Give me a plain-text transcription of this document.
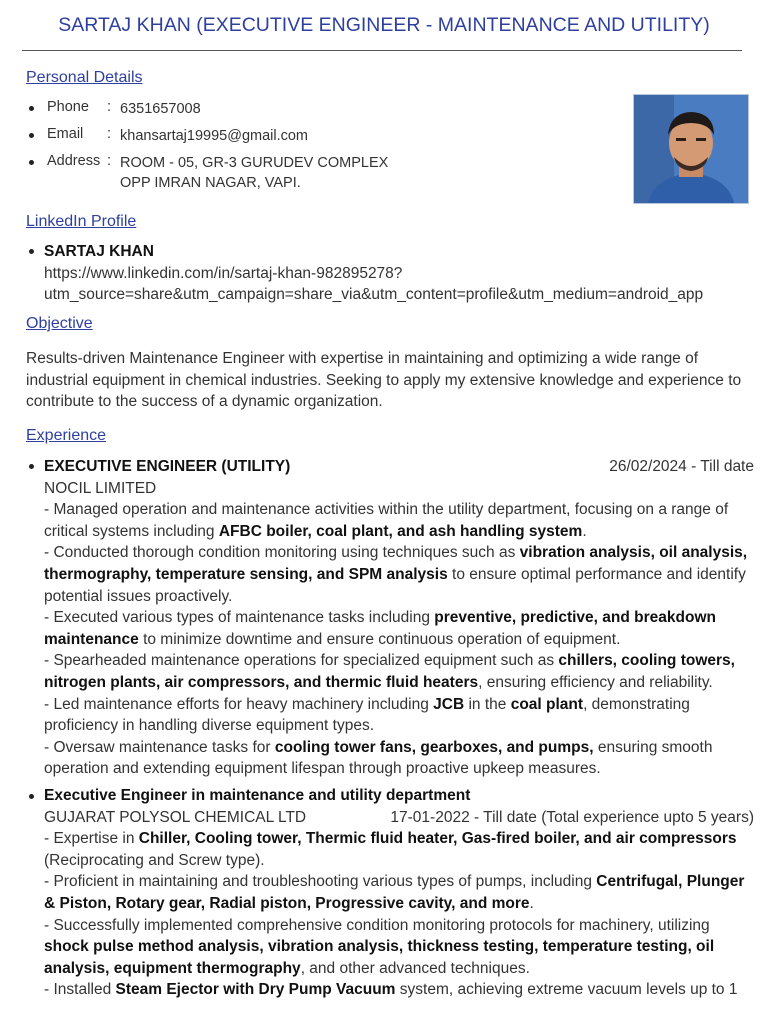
SARTAJ KHAN (EXECUTIVE ENGINEER - MAINTENANCE AND UTILITY)
Personal Details
Phone : 6351657008
Email : khansartaj19995@gmail.com
Address : ROOM - 05, GR-3 GURUDEV COMPLEX
OPP IMRAN NAGAR, VAPI.
LinkedIn Profile
SARTAJ KHAN
https://www.linkedin.com/in/sartaj-khan-982895278?
utm_source=share&utm_campaign=share_via&utm_content=profile&utm_medium=android_app
Objective
Results-driven Maintenance Engineer with expertise in maintaining and optimizing a wide range of industrial equipment in chemical industries. Seeking to apply my extensive knowledge and experience to contribute to the success of a dynamic organization.
Experience
EXECUTIVE ENGINEER (UTILITY)	26/02/2024 - Till date
NOCIL LIMITED
- Managed operation and maintenance activities within the utility department, focusing on a range of critical systems including AFBC boiler, coal plant, and ash handling system.
- Conducted thorough condition monitoring using techniques such as vibration analysis, oil analysis, thermography, temperature sensing, and SPM analysis to ensure optimal performance and identify potential issues proactively.
- Executed various types of maintenance tasks including preventive, predictive, and breakdown maintenance to minimize downtime and ensure continuous operation of equipment.
- Spearheaded maintenance operations for specialized equipment such as chillers, cooling towers, nitrogen plants, air compressors, and thermic fluid heaters, ensuring efficiency and reliability.
- Led maintenance efforts for heavy machinery including JCB in the coal plant, demonstrating proficiency in handling diverse equipment types.
- Oversaw maintenance tasks for cooling tower fans, gearboxes, and pumps, ensuring smooth operation and extending equipment lifespan through proactive upkeep measures.
Executive Engineer in maintenance and utility department
GUJARAT POLYSOL CHEMICAL LTD	17-01-2022 - Till date (Total experience upto 5 years)
- Expertise in Chiller, Cooling tower, Thermic fluid heater, Gas-fired boiler, and air compressors (Reciprocating and Screw type).
- Proficient in maintaining and troubleshooting various types of pumps, including Centrifugal, Plunger & Piston, Rotary gear, Radial piston, Progressive cavity, and more.
- Successfully implemented comprehensive condition monitoring protocols for machinery, utilizing shock pulse method analysis, vibration analysis, thickness testing, temperature testing, oil analysis, equipment thermography, and other advanced techniques.
- Installed Steam Ejector with Dry Pump Vacuum system, achieving extreme vacuum levels up to 1
